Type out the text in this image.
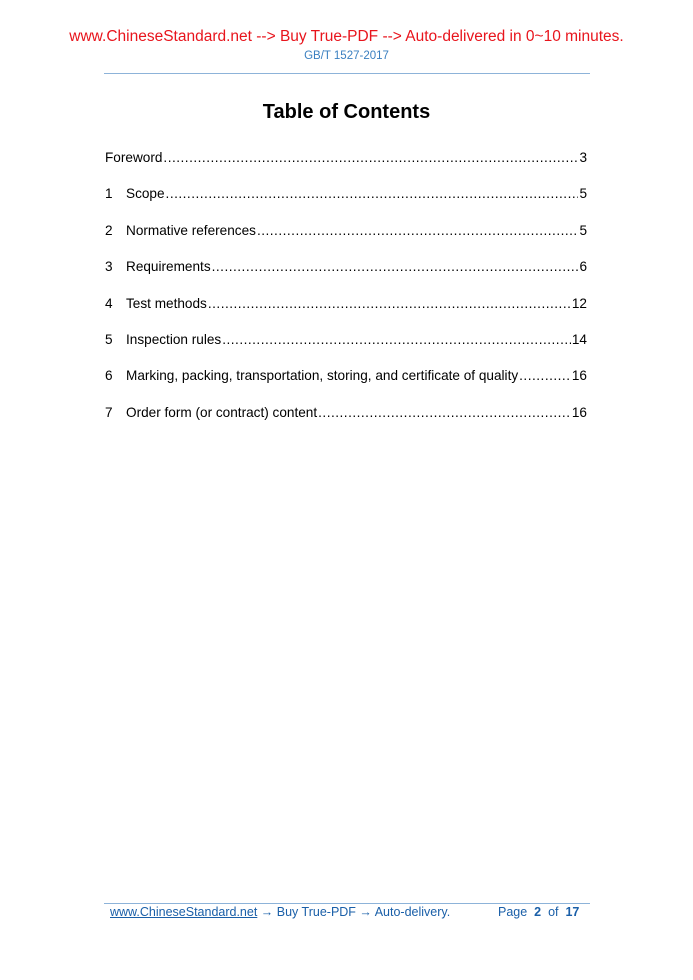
www.ChineseStandard.net --> Buy True-PDF --> Auto-delivered in 0~10 minutes.
GB/T 1527-2017
Table of Contents
Foreword .....	3
1 Scope .....	5
2 Normative references .....	5
3 Requirements .....	6
4 Test methods .....	12
5 Inspection rules .....	14
6 Marking, packing, transportation, storing, and certificate of quality .....	16
7 Order form (or contract) content .....	16
www.ChineseStandard.net → Buy True-PDF → Auto-delivery.	Page 2 of 17
